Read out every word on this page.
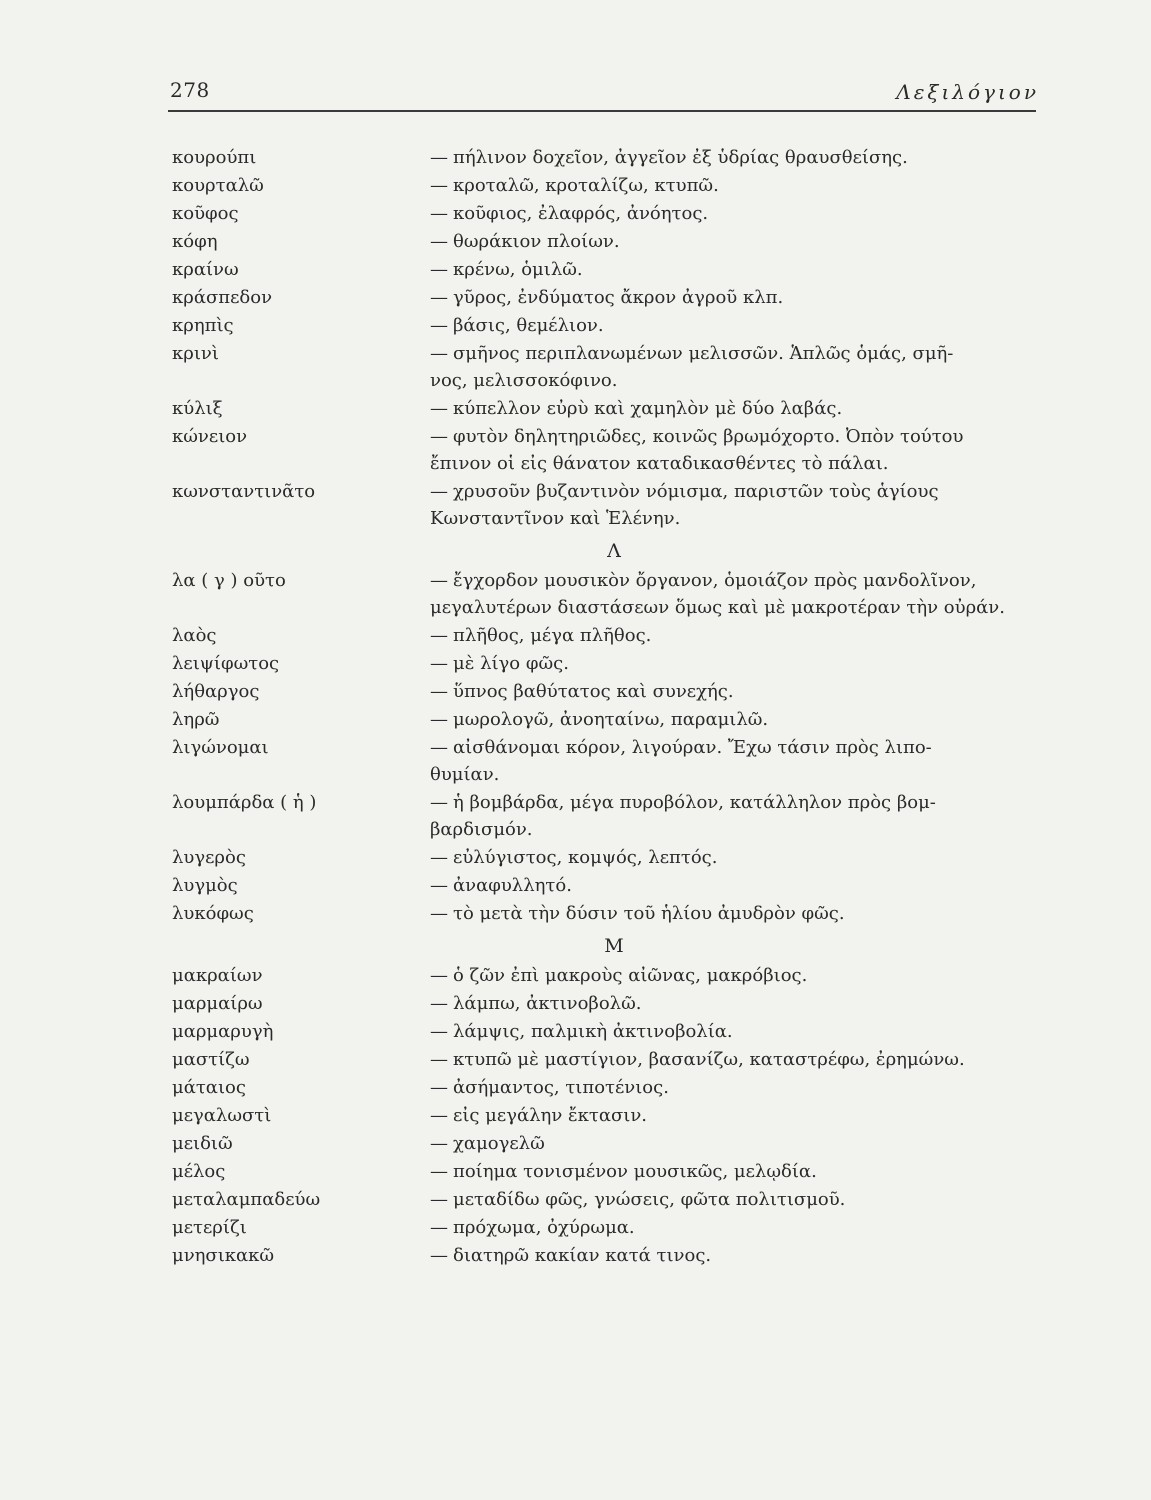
278	Λεξιλόγιον
κουρούπι	— πήλινον δοχεῖον, ἀγγεῖον ἐξ ὑδρίας θραυσθείσης.
κουρταλῶ	— κροταλῶ, κροταλίζω, κτυπῶ.
κοῦφος	— κοῦφιος, ἐλαφρός, ἀνόητος.
κόφη	— θωράκιον πλοίων.
κραίνω	— κρένω, ὁμιλῶ.
κράσπεδον	— γῦρος, ἐνδύματος ἄκρον ἀγροῦ κλπ.
κρηπὶς	— βάσις, θεμέλιον.
κρινὶ	— σμῆνος περιπλανωμένων μελισσῶν. Ἁπλῶς ὁμάς, σμῆ-
νος, μελισσοκόφινο.
κύλιξ	— κύπελλον εὐρὺ καὶ χαμηλὸν μὲ δύο λαβάς.
κώνειον	— φυτὸν δηλητηριῶδες, κοινῶς βρωμόχορτο. Ὀπὸν τούτου
ἔπινον οἱ εἰς θάνατον καταδικασθέντες τὸ πάλαι.
κωνσταντινᾶτο	— χρυσοῦν βυζαντινὸν νόμισμα, παριστῶν τοὺς ἁγίους
Κωνσταντῖνον καὶ Ἑλένην.
Λ
λα ( γ ) οῦτο	— ἔγχορδον μουσικὸν ὄργανον, ὁμοιάζον πρὸς μανδολῖνον,
μεγαλυτέρων διαστάσεων ὅμως καὶ μὲ μακροτέραν τὴν οὐράν.
λαὸς	— πλῆθος, μέγα πλῆθος.
λειψίφωτος	— μὲ λίγο φῶς.
λήθαργος	— ὕπνος βαθύτατος καὶ συνεχής.
ληρῶ	— μωρολογῶ, ἀνοηταίνω, παραμιλῶ.
λιγώνομαι	— αἰσθάνομαι κόρον, λιγούραν. Ἔχω τάσιν πρὸς λιπο-
θυμίαν.
λουμπάρδα ( ἡ )	— ἡ βομβάρδα, μέγα πυροβόλον, κατάλληλον πρὸς βομ-
βαρδισμόν.
λυγερὸς	— εὐλύγιστος, κομψός, λεπτός.
λυγμὸς	— ἀναφυλλητό.
λυκόφως	— τὸ μετὰ τὴν δύσιν τοῦ ἡλίου ἀμυδρὸν φῶς.
Μ
μακραίων	— ὁ ζῶν ἐπὶ μακροὺς αἰῶνας, μακρόβιος.
μαρμαίρω	— λάμπω, ἀκτινοβολῶ.
μαρμαρυγὴ	— λάμψις, παλμικὴ ἀκτινοβολία.
μαστίζω	— κτυπῶ μὲ μαστίγιον, βασανίζω, καταστρέφω, ἐρημώνω.
μάταιος	— ἀσήμαντος, τιποτένιος.
μεγαλωστὶ	— εἰς μεγάλην ἔκτασιν.
μειδιῶ	— χαμογελῶ
μέλος	— ποίημα τονισμένον μουσικῶς, μελῳδία.
μεταλαμπαδεύω	— μεταδίδω φῶς, γνώσεις, φῶτα πολιτισμοῦ.
μετερίζι	— πρόχωμα, ὀχύρωμα.
μνησικακῶ	— διατηρῶ κακίαν κατά τινος.
